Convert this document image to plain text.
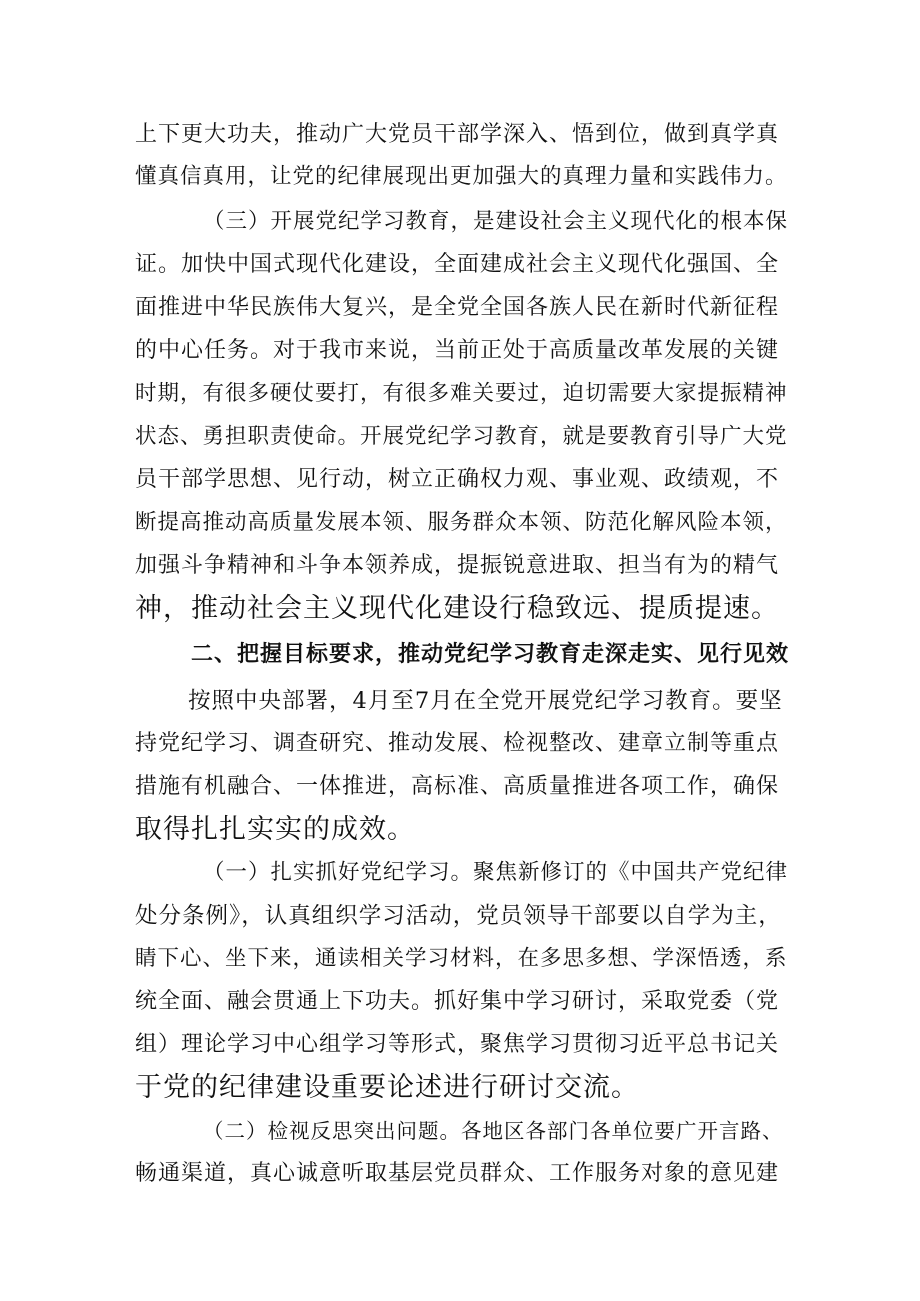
上下更大功夫，推动广大党员干部学深入、悟到位，做到真学真
懂真信真用，让党的纪律展现出更加强大的真理力量和实践伟力。
（三）开展党纪学习教育，是建设社会主义现代化的根本保
证。加快中国式现代化建设，全面建成社会主义现代化强国、全
面推进中华民族伟大复兴，是全党全国各族人民在新时代新征程
的中心任务。对于我市来说，当前正处于高质量改革发展的关键
时期，有很多硬仗要打，有很多难关要过，迫切需要大家提振精神
状态、勇担职责使命。开展党纪学习教育，就是要教育引导广大党
员干部学思想、见行动，树立正确权力观、事业观、政绩观，不
断提高推动高质量发展本领、服务群众本领、防范化解风险本领，
加强斗争精神和斗争本领养成，提振锐意进取、担当有为的精气
神，推动社会主义现代化建设行稳致远、提质提速。
二、把握目标要求，推动党纪学习教育走深走实、见行见效
按照中央部署，4月至7月在全党开展党纪学习教育。要坚
持党纪学习、调查研究、推动发展、检视整改、建章立制等重点
措施有机融合、一体推进，高标准、高质量推进各项工作，确保
取得扎扎实实的成效。
（一）扎实抓好党纪学习。聚焦新修订的《中国共产党纪律
处分条例》，认真组织学习活动，党员领导干部要以自学为主，
睛下心、坐下来，通读相关学习材料，在多思多想、学深悟透，系
统全面、融会贯通上下功夫。抓好集中学习研讨，采取党委（党
组）理论学习中心组学习等形式，聚焦学习贯彻习近平总书记关
于党的纪律建设重要论述进行研讨交流。
（二）检视反思突出问题。各地区各部门各单位要广开言路、
畅通渠道，真心诚意听取基层党员群众、工作服务对象的意见建
